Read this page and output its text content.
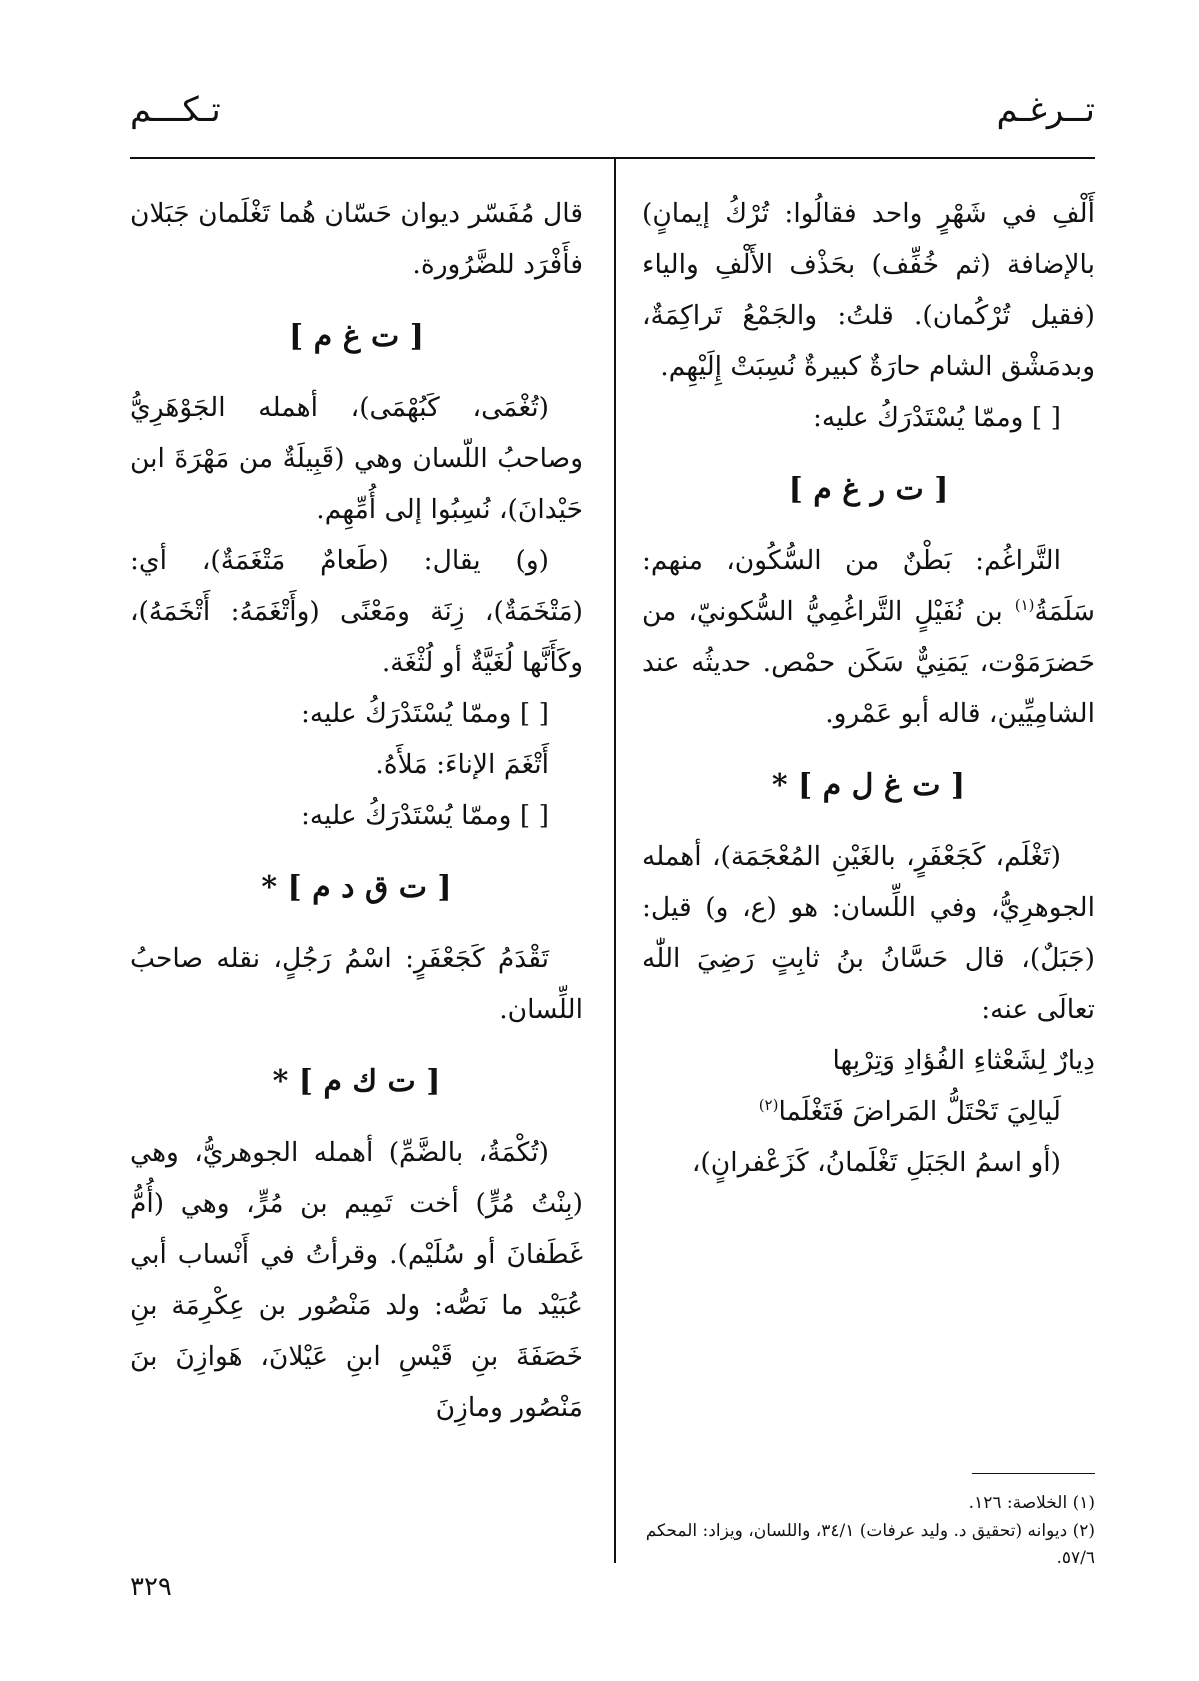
تــرغـم
تـكـــم

أَلْفِ في شَهْرٍ واحد فقالُوا: تُرْكُ إيمانٍ) بالإضافة (ثم خُفِّف) بحَذْف الأَلْفِ والياء (فقيل تُرْكُمان). قلتُ: والجَمْعُ تَراكِمَةٌ، وبدمَشْق الشام حارَةٌ كبيرةٌ نُسِبَتْ إِلَيْهِم.

[ ] وممّا يُسْتَدْرَكُ عليه:

[ ت ر غ م ]

التَّراغُم: بَطْنٌ من السُّكُون، منهم: سَلَمَةُ$^{(١)}$ بن نُفَيْلٍ التَّراغُمِيُّ السُّكونيّ، من حَضرَمَوْت، يَمَنِيٌّ سَكَن حمْص. حديثُه عند الشامِيِّين، قاله أبو عَمْرو.

[ ت غ ل م ] *

(تَغْلَم، كَجَعْفَرٍ، بالغَيْنِ المُعْجَمَة)، أهمله الجوهرِيُّ، وفي اللِّسان: هو (ع، و) قيل: (جَبَلٌ)، قال حَسَّانُ بنُ ثابِتٍ رَضِيَ اللّٰه تعالَى عنه:

دِيارٌ لِشَعْثاءِ الفُؤادِ وَتِرْبِها

لَيالِيَ تَحْتَلُّ المَراضَ فَتَغْلَما$^{(٢)}$

(أو اسمُ الجَبَلِ تَغْلَمانُ، كَزَعْفرانٍ)،

(١) الخلاصة: ١٢٦.

(٢) ديوانه (تحقيق د. وليد عرفات) ٣٤/١، واللسان، ويزاد: المحكم ٥٧/٦.

قال مُفَسّر ديوان حَسّان هُما تَغْلَمان جَبَلان فأَفْرَد للضَّرُورة.

[ ت غ م ]

(تُغْمَى، كَبُهْمَى)، أهمله الجَوْهَرِيُّ وصاحبُ اللّسان وهي (قَبِيلَةٌ من مَهْرَةَ ابن حَيْدانَ)، نُسِبُوا إلى أُمِّهِم.

(و) يقال: (طَعامٌ مَتْغَمَةٌ)، أي: (مَتْخَمَةٌ)، زِنَة ومَعْنًى (وأَتْغَمَهُ: أَتْخَمَهُ)، وكَأَنَّها لُغَيَّةٌ أو لُثْغَة.

[ ] وممّا يُسْتَدْرَكُ عليه:

أَتْغَمَ الإناءَ: مَلأَهُ.

[ ] وممّا يُسْتَدْرَكُ عليه:

[ ت ق د م ] *

تَقْدَمُ كَجَعْفَرٍ: اسْمُ رَجُلٍ، نقله صاحبُ اللِّسان.

[ ت ك م ] *

(تُكْمَةُ، بالضَّمِّ) أهمله الجوهريُّ، وهي (بِنْتُ مُرٍّ) أخت تَمِيم بن مُرٍّ، وهي (أُمُّ غَطَفانَ أو سُلَيْم). وقرأتُ في أَنْساب أبي عُبَيْد ما نَصُّه: ولد مَنْصُور بن عِكْرِمَة بنِ خَصَفَةَ بنِ قَيْسِ ابنِ عَيْلانَ، هَوازِنَ بنَ مَنْصُور ومازِنَ

٣٢٩
